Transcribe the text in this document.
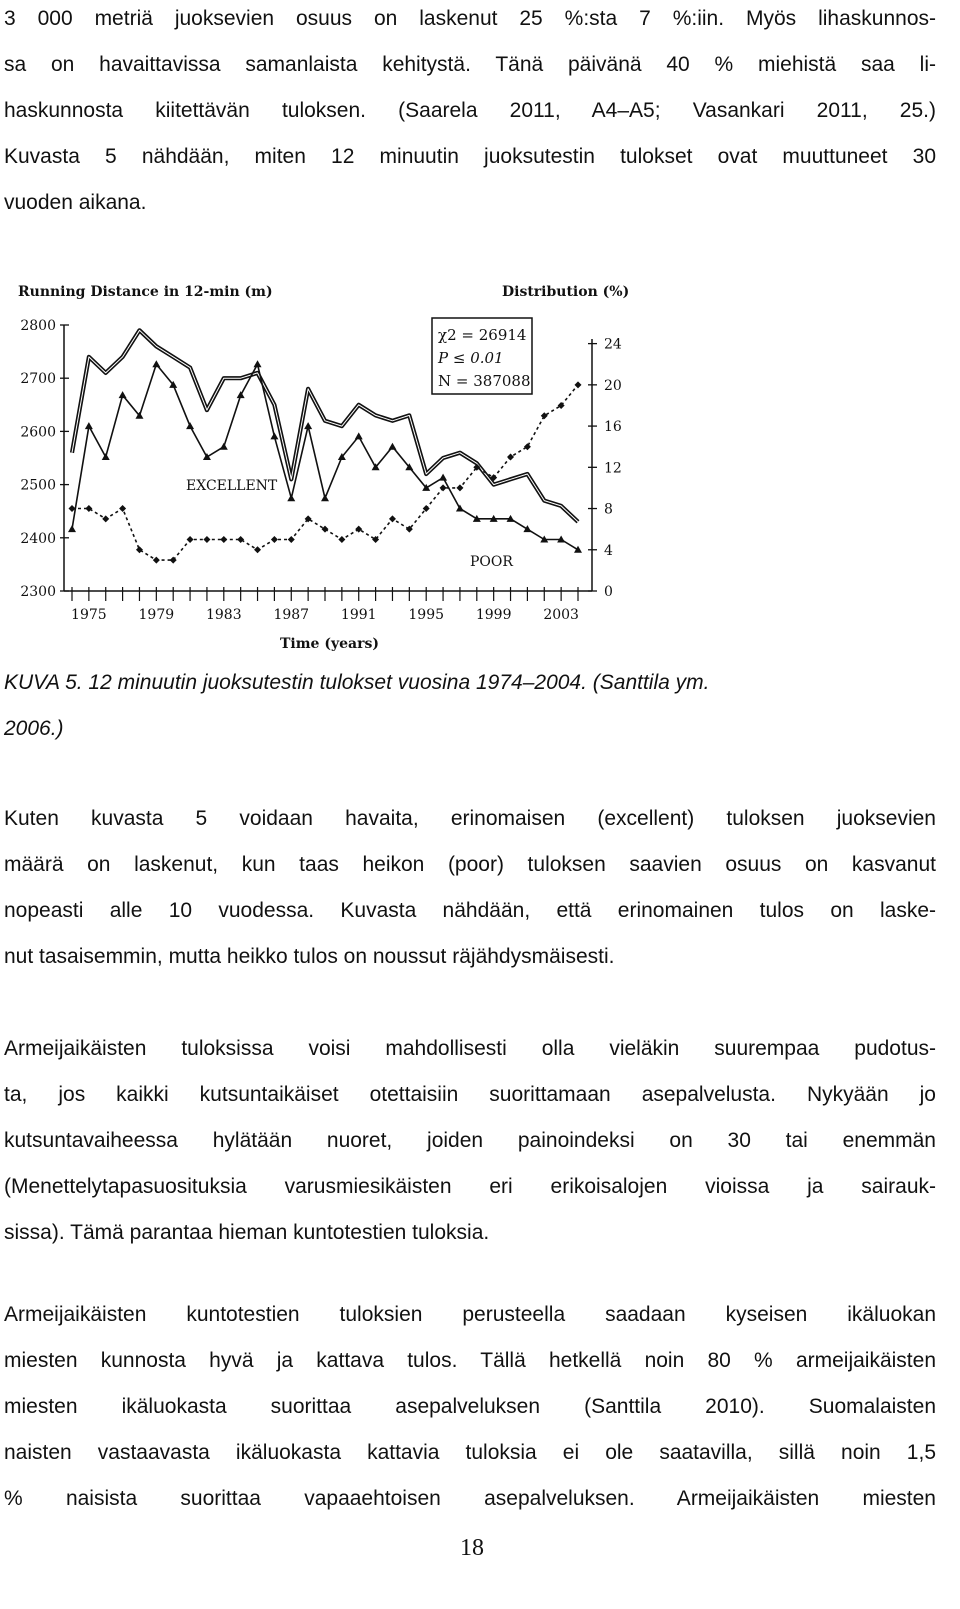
3 000 metriä juoksevien osuus on laskenut 25 %:sta 7 %:iin. Myös lihaskunnos-
sa on havaittavissa samanlaista kehitystä. Tänä päivänä 40 % miehistä saa li-
haskunnosta kiitettävän tuloksen. (Saarela 2011, A4–A5; Vasankari 2011, 25.)
Kuvasta 5 nähdään, miten 12 minuutin juoksutestin tulokset ovat muuttuneet 30
vuoden aikana.
Running Distance in 12-min (m)	Distribution (%)
Time (years)
χ2 = 26914
P ≤ 0.01
N = 387088
EXCELLENT
POOR
2800
2700
2600
2500
2400
2300
24
20
16
12
8
4
0
1975 1979 1983 1987 1991 1995 1999 2003
KUVA 5. 12 minuutin juoksutestin tulokset vuosina 1974–2004. (Santtila ym.
2006.)
Kuten kuvasta 5 voidaan havaita, erinomaisen (excellent) tuloksen juoksevien
määrä on laskenut, kun taas heikon (poor) tuloksen saavien osuus on kasvanut
nopeasti alle 10 vuodessa. Kuvasta nähdään, että erinomainen tulos on laske-
nut tasaisemmin, mutta heikko tulos on noussut räjähdysmäisesti.
Armeijaikäisten tuloksissa voisi mahdollisesti olla vieläkin suurempaa pudotus-
ta, jos kaikki kutsuntaikäiset otettaisiin suorittamaan asepalvelusta. Nykyään jo
kutsuntavaiheessa hylätään nuoret, joiden painoindeksi on 30 tai enemmän
(Menettelytapasuosituksia varusmiesikäisten eri erikoisalojen vioissa ja sairauk-
sissa). Tämä parantaa hieman kuntotestien tuloksia.
Armeijaikäisten kuntotestien tuloksien perusteella saadaan kyseisen ikäluokan
miesten kunnosta hyvä ja kattava tulos. Tällä hetkellä noin 80 % armeijaikäisten
miesten ikäluokasta suorittaa asepalveluksen (Santtila 2010). Suomalaisten
naisten vastaavasta ikäluokasta kattavia tuloksia ei ole saatavilla, sillä noin 1,5
% naisista suorittaa vapaaehtoisen asepalveluksen. Armeijaikäisten miesten
18
